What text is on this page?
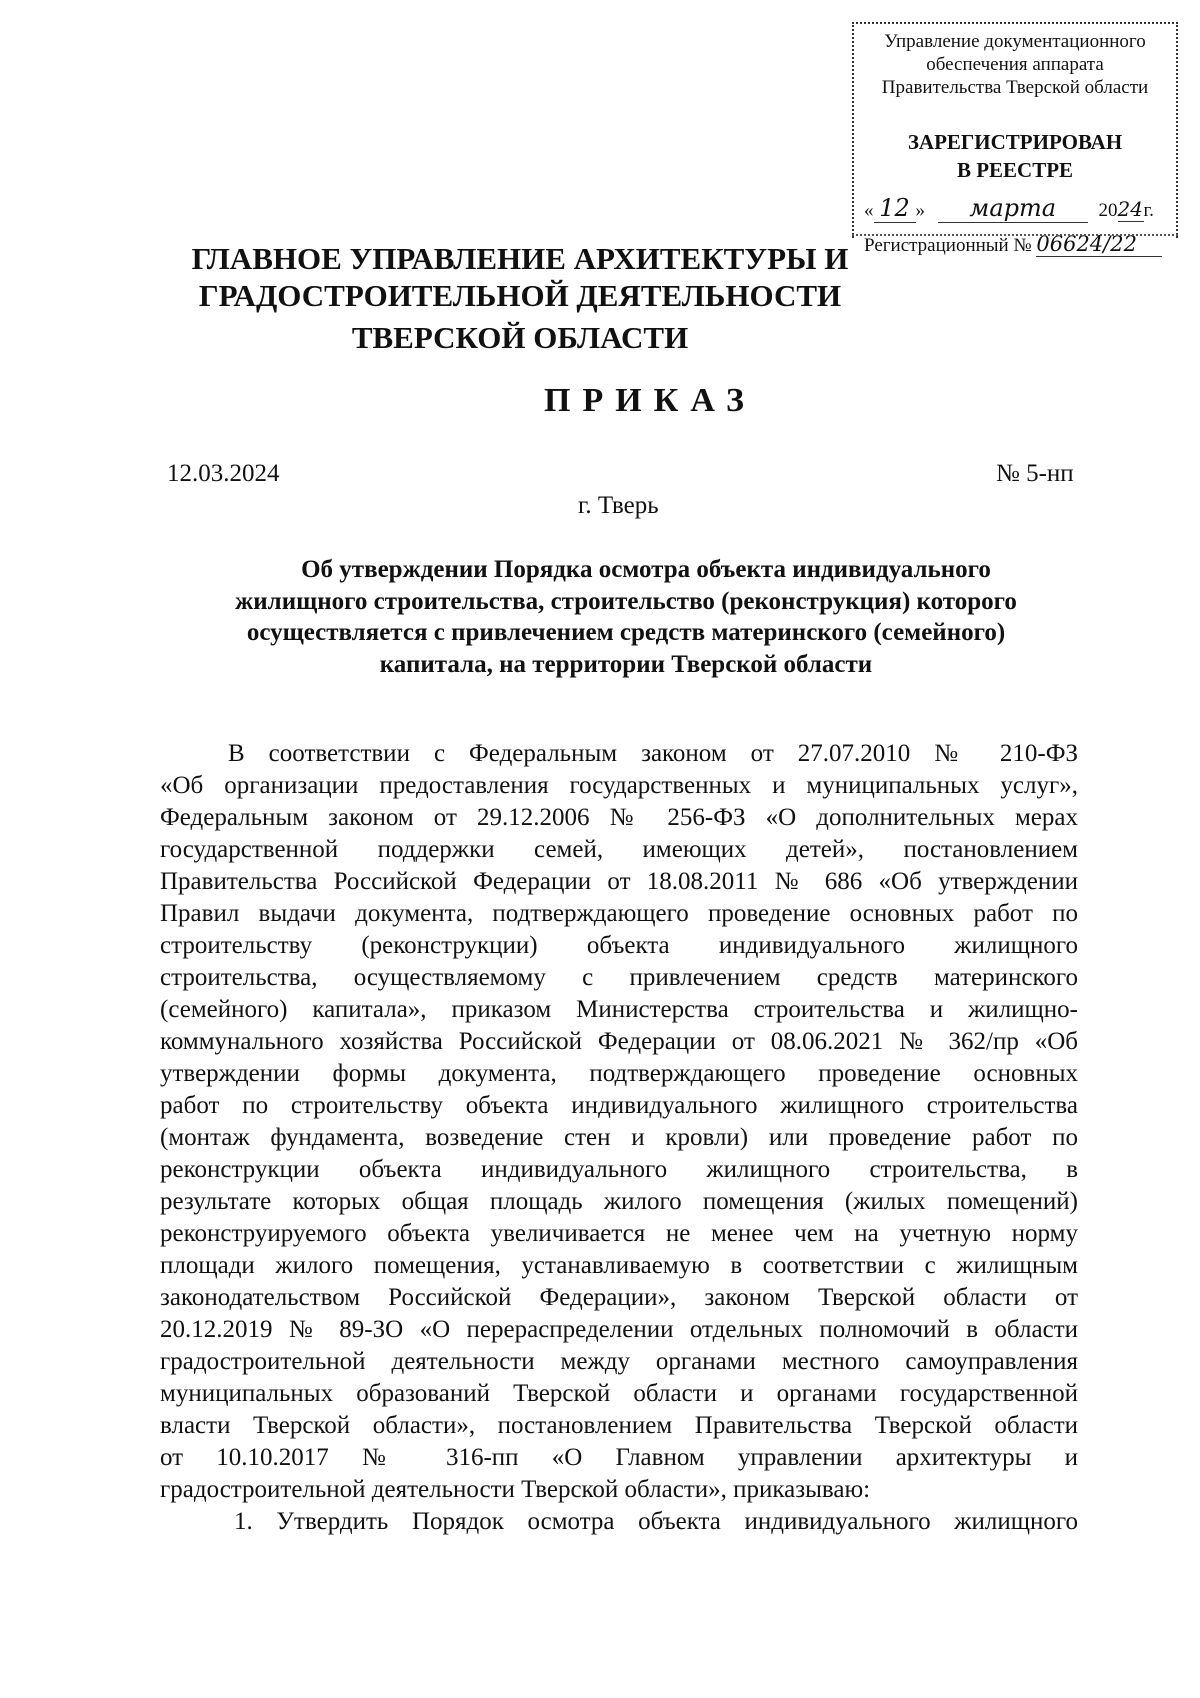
Управление документационного
обеспечения аппарата
Правительства Тверской области
ЗАРЕГИСТРИРОВАН
В РЕЕСТРЕ
« 12 » марта 2024г.
Регистрационный № 06624/22
ГЛАВНОЕ УПРАВЛЕНИЕ АРХИТЕКТУРЫ И
ГРАДОСТРОИТЕЛЬНОЙ ДЕЯТЕЛЬНОСТИ
ТВЕРСКОЙ ОБЛАСТИ
ПРИКАЗ
12.03.2024	№ 5-нп
г. Тверь
Об утверждении Порядка осмотра объекта индивидуального
жилищного строительства, строительство (реконструкция) которого
осуществляется с привлечением средств материнского (семейного)
капитала, на территории Тверской области
В соответствии с Федеральным законом от 27.07.2010 № 210-ФЗ
«Об организации предоставления государственных и муниципальных услуг»,
Федеральным законом от 29.12.2006 № 256-ФЗ «О дополнительных мерах
государственной поддержки семей, имеющих детей», постановлением
Правительства Российской Федерации от 18.08.2011 № 686 «Об утверждении
Правил выдачи документа, подтверждающего проведение основных работ по
строительству (реконструкции) объекта индивидуального жилищного
строительства, осуществляемому с привлечением средств материнского
(семейного) капитала», приказом Министерства строительства и жилищно-
коммунального хозяйства Российской Федерации от 08.06.2021 № 362/пр «Об
утверждении формы документа, подтверждающего проведение основных
работ по строительству объекта индивидуального жилищного строительства
(монтаж фундамента, возведение стен и кровли) или проведение работ по
реконструкции объекта индивидуального жилищного строительства, в
результате которых общая площадь жилого помещения (жилых помещений)
реконструируемого объекта увеличивается не менее чем на учетную норму
площади жилого помещения, устанавливаемую в соответствии с жилищным
законодательством Российской Федерации», законом Тверской области от
20.12.2019 № 89-ЗО «О перераспределении отдельных полномочий в области
градостроительной деятельности между органами местного самоуправления
муниципальных образований Тверской области и органами государственной
власти Тверской области», постановлением Правительства Тверской области
от 10.10.2017 № 316-пп «О Главном управлении архитектуры и
градостроительной деятельности Тверской области», приказываю:
1. Утвердить Порядок осмотра объекта индивидуального жилищного
